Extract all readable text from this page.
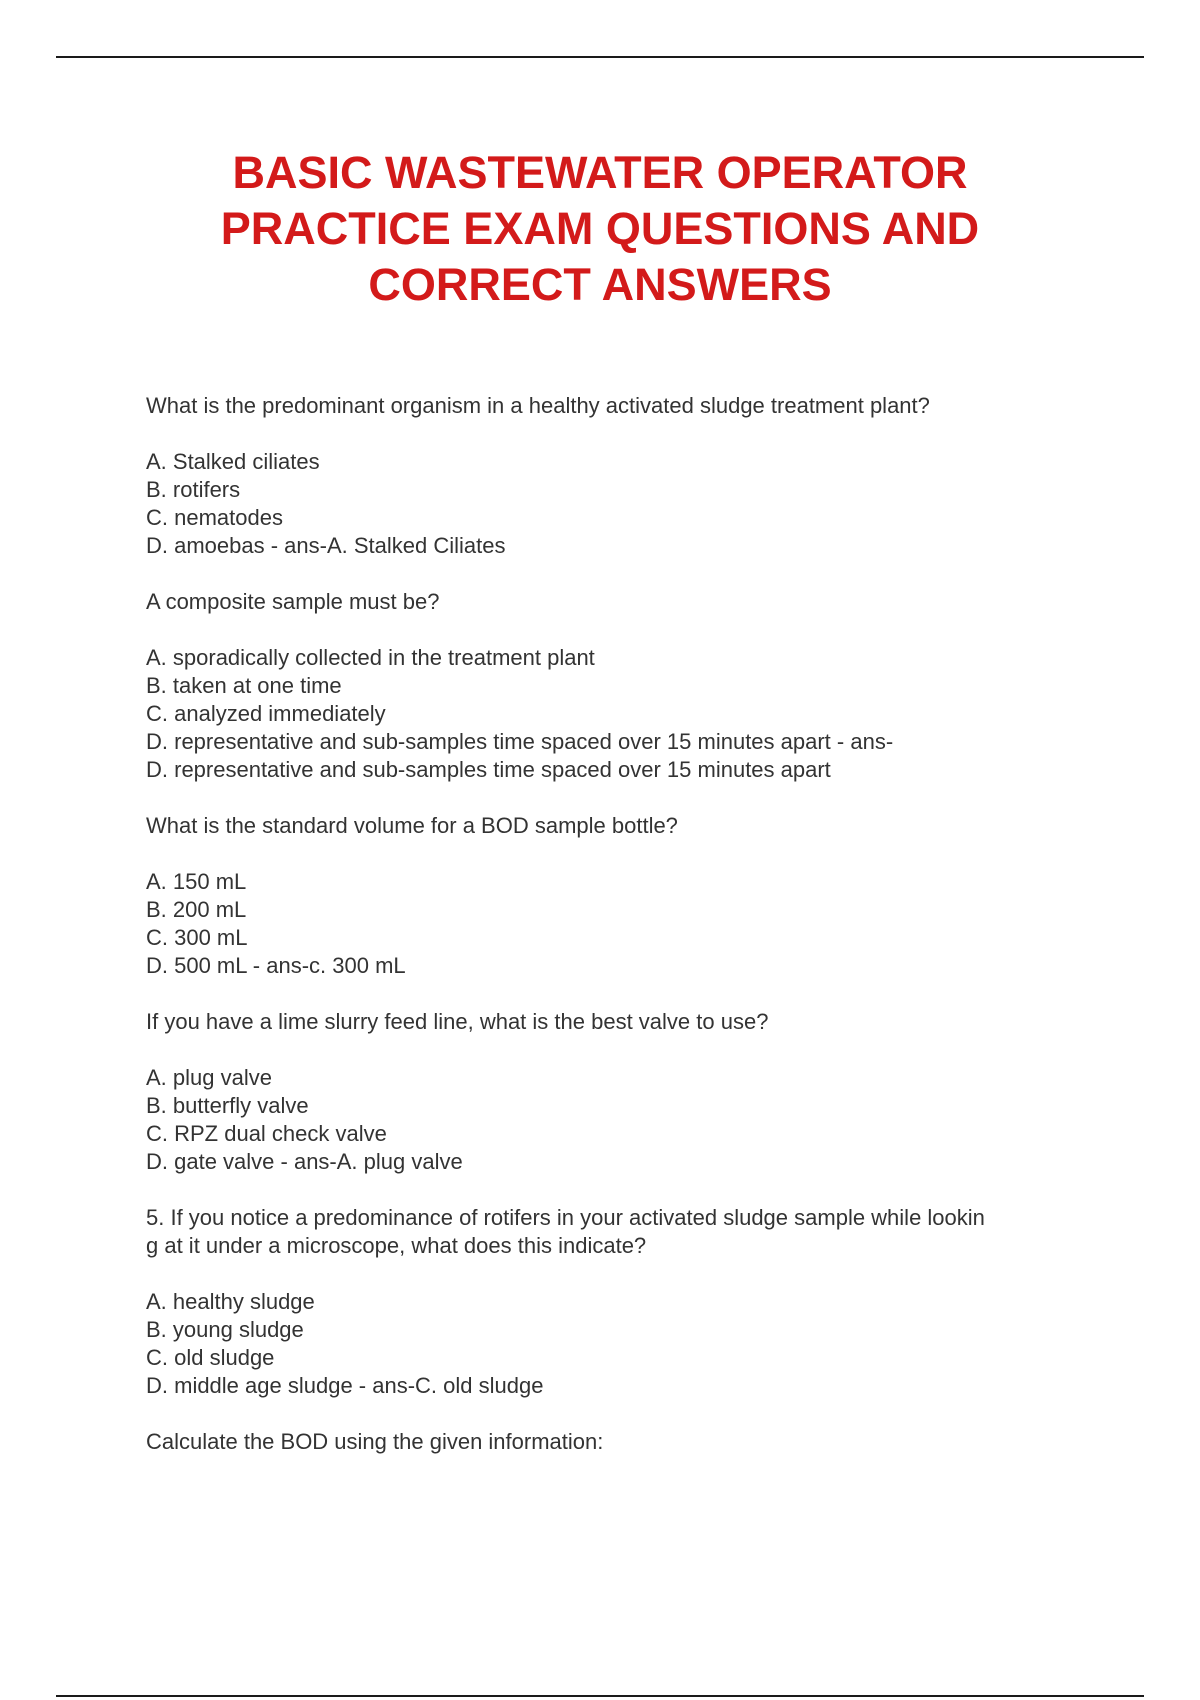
BASIC WASTEWATER OPERATOR
PRACTICE EXAM QUESTIONS AND
CORRECT ANSWERS

What is the predominant organism in a healthy activated sludge treatment plant?

A. Stalked ciliates
B. rotifers
C. nematodes
D. amoebas - ans-A. Stalked Ciliates

A composite sample must be?

A. sporadically collected in the treatment plant
B. taken at one time
C. analyzed immediately
D. representative and sub-samples time spaced over 15 minutes apart - ans-
D. representative and sub-samples time spaced over 15 minutes apart

What is the standard volume for a BOD sample bottle?

A. 150 mL
B. 200 mL
C. 300 mL
D. 500 mL - ans-c. 300 mL

If you have a lime slurry feed line, what is the best valve to use?

A. plug valve
B. butterfly valve
C. RPZ dual check valve
D. gate valve - ans-A. plug valve

5. If you notice a predominance of rotifers in your activated sludge sample while lookin
g at it under a microscope, what does this indicate?

A. healthy sludge
B. young sludge
C. old sludge
D. middle age sludge - ans-C. old sludge

Calculate the BOD using the given information:
